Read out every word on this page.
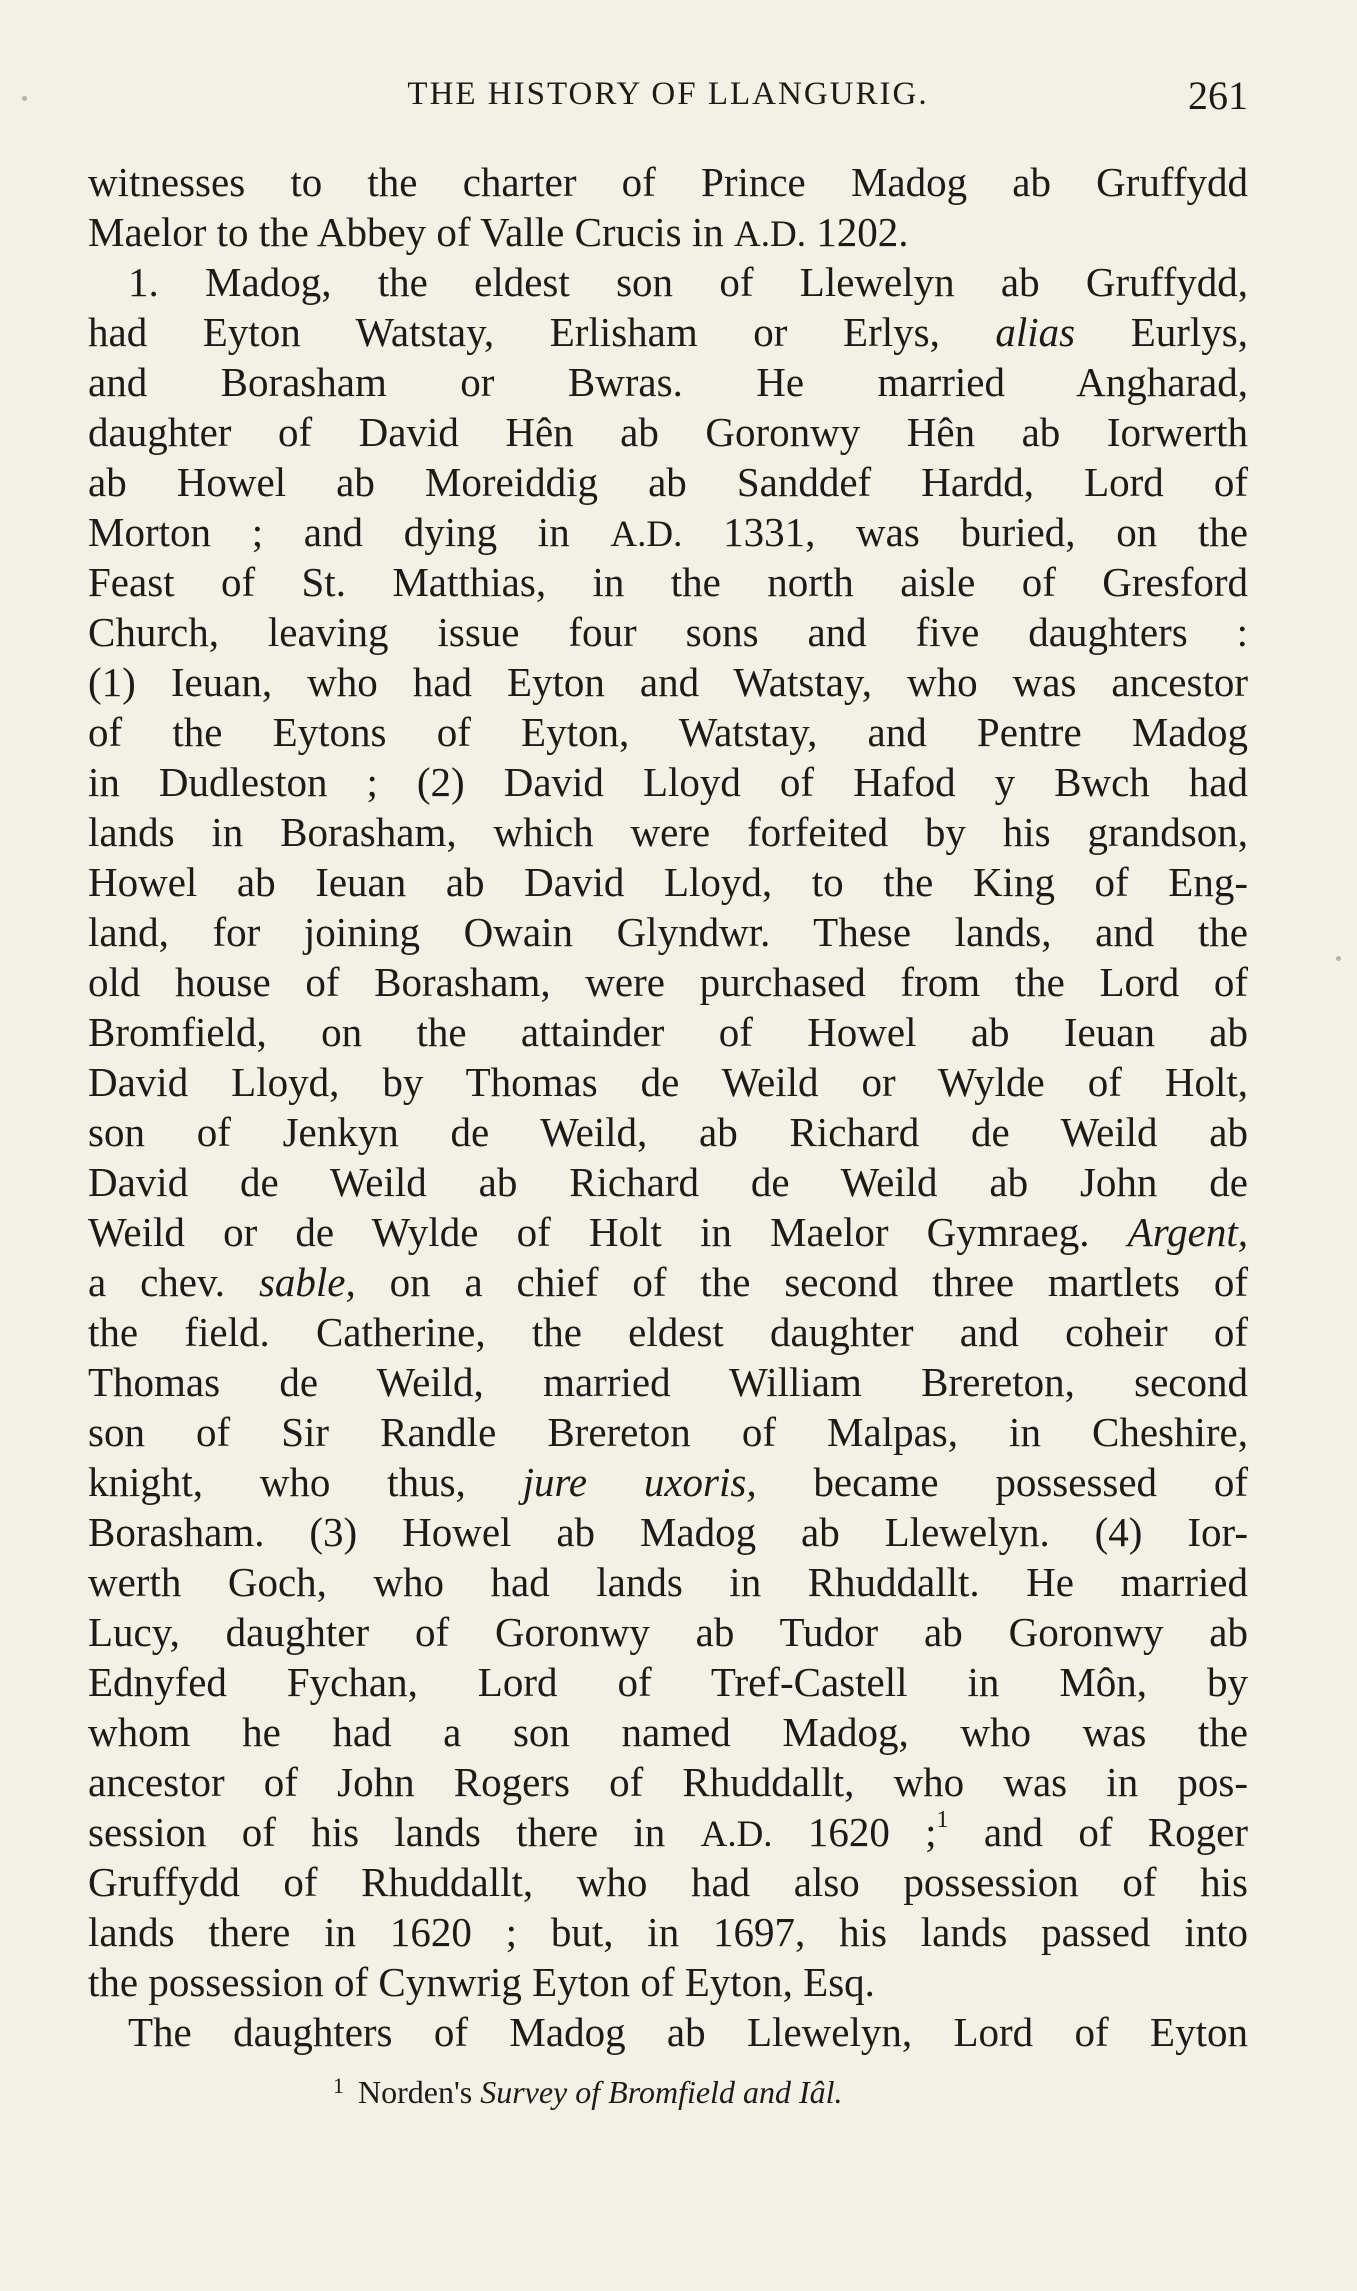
THE HISTORY OF LLANGURIG.	261
witnesses to the charter of Prince Madog ab Gruffydd
Maelor to the Abbey of Valle Crucis in A.D. 1202.
1. Madog, the eldest son of Llewelyn ab Gruffydd,
had Eyton Watstay, Erlisham or Erlys, alias Eurlys,
and Borasham or Bwras. He married Angharad,
daughter of David Hên ab Goronwy Hên ab Iorwerth
ab Howel ab Moreiddig ab Sanddef Hardd, Lord of
Morton ; and dying in A.D. 1331, was buried, on the
Feast of St. Matthias, in the north aisle of Gresford
Church, leaving issue four sons and five daughters :
(1) Ieuan, who had Eyton and Watstay, who was ancestor
of the Eytons of Eyton, Watstay, and Pentre Madog
in Dudleston ; (2) David Lloyd of Hafod y Bwch had
lands in Borasham, which were forfeited by his grandson,
Howel ab Ieuan ab David Lloyd, to the King of Eng-
land, for joining Owain Glyndwr. These lands, and the
old house of Borasham, were purchased from the Lord of
Bromfield, on the attainder of Howel ab Ieuan ab
David Lloyd, by Thomas de Weild or Wylde of Holt,
son of Jenkyn de Weild, ab Richard de Weild ab
David de Weild ab Richard de Weild ab John de
Weild or de Wylde of Holt in Maelor Gymraeg. Argent,
a chev. sable, on a chief of the second three martlets of
the field. Catherine, the eldest daughter and coheir of
Thomas de Weild, married William Brereton, second
son of Sir Randle Brereton of Malpas, in Cheshire,
knight, who thus, jure uxoris, became possessed of
Borasham. (3) Howel ab Madog ab Llewelyn. (4) Ior-
werth Goch, who had lands in Rhuddallt. He married
Lucy, daughter of Goronwy ab Tudor ab Goronwy ab
Ednyfed Fychan, Lord of Tref-Castell in Môn, by
whom he had a son named Madog, who was the
ancestor of John Rogers of Rhuddallt, who was in pos-
session of his lands there in A.D. 1620 ;$^1$ and of Roger
Gruffydd of Rhuddallt, who had also possession of his
lands there in 1620 ; but, in 1697, his lands passed into
the possession of Cynwrig Eyton of Eyton, Esq.
The daughters of Madog ab Llewelyn, Lord of Eyton
$^1$ Norden's Survey of Bromfield and Iâl.
